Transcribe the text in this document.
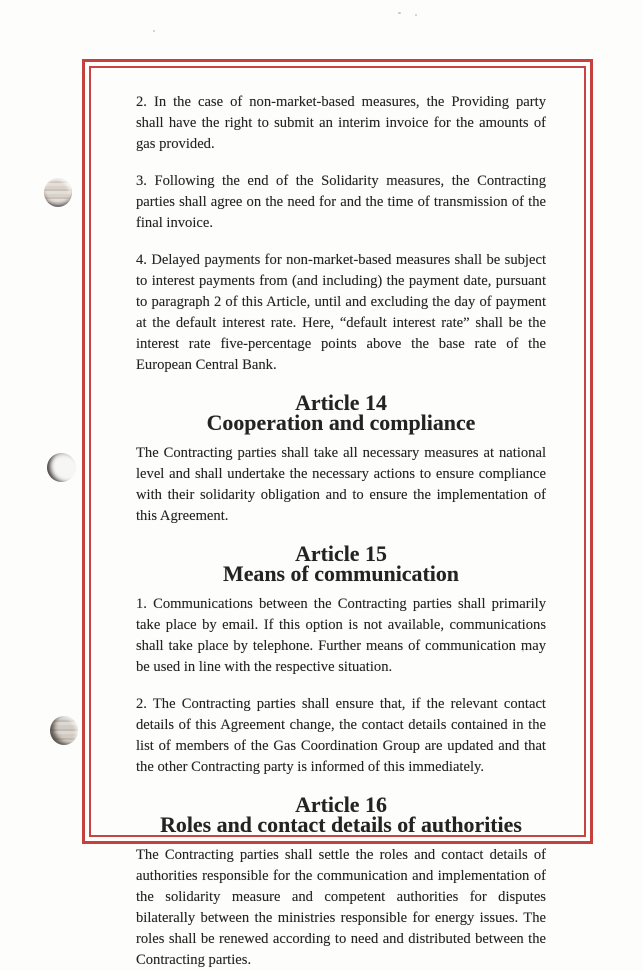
2. In the case of non-market-based measures, the Providing party shall have the right to submit an interim invoice for the amounts of gas provided.

3. Following the end of the Solidarity measures, the Contracting parties shall agree on the need for and the time of transmission of the final invoice.

4. Delayed payments for non-market-based measures shall be subject to interest payments from (and including) the payment date, pursuant to paragraph 2 of this Article, until and excluding the day of payment at the default interest rate. Here, “default interest rate” shall be the interest rate five-percentage points above the base rate of the European Central Bank.

Article 14
Cooperation and compliance

The Contracting parties shall take all necessary measures at national level and shall undertake the necessary actions to ensure compliance with their solidarity obligation and to ensure the implementation of this Agreement.

Article 15
Means of communication

1. Communications between the Contracting parties shall primarily take place by email. If this option is not available, communications shall take place by telephone. Further means of communication may be used in line with the respective situation.

2. The Contracting parties shall ensure that, if the relevant contact details of this Agreement change, the contact details contained in the list of members of the Gas Coordination Group are updated and that the other Contracting party is informed of this immediately.

Article 16
Roles and contact details of authorities

The Contracting parties shall settle the roles and contact details of authorities responsible for the communication and implementation of the solidarity measure and competent authorities for disputes bilaterally between the ministries responsible for energy issues. The roles shall be renewed according to need and distributed between the Contracting parties.
